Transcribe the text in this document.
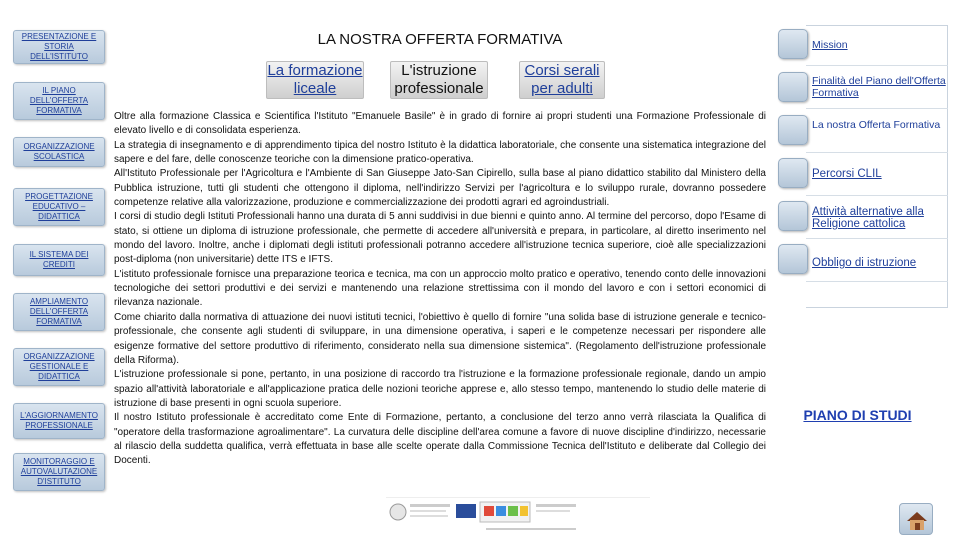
PRESENTAZIONE E STORIA DELL'ISTITUTO
IL PIANO DELL'OFFERTA FORMATIVA
ORGANIZZAZIONE SCOLASTICA
PROGETTAZIONE EDUCATIVO – DIDATTICA
IL SISTEMA DEI CREDITI
AMPLIAMENTO DELL'OFFERTA FORMATIVA
ORGANIZZAZIONE GESTIONALE E DIDATTICA
L'AGGIORNAMENTO PROFESSIONALE
MONITORAGGIO E AUTOVALUTAZIONE D'ISTITUTO
LA NOSTRA OFFERTA FORMATIVA
La formazione liceale
L'istruzione professionale
Corsi serali per adulti

Oltre alla formazione Classica e Scientifica l'Istituto "Emanuele Basile" è in grado di fornire ai propri studenti una Formazione Professionale di elevato livello e di consolidata esperienza.

La strategia di insegnamento e di apprendimento tipica del nostro Istituto è la didattica laboratoriale, che consente una sistematica integrazione del sapere e del fare, delle conoscenze teoriche con la dimensione pratico-operativa.

All'Istituto Professionale per l'Agricoltura e l'Ambiente di San Giuseppe Jato-San Cipirello, sulla base al piano didattico stabilito dal Ministero della Pubblica istruzione, tutti gli studenti che ottengono il diploma, nell'indirizzo Servizi per l'agricoltura e lo sviluppo rurale, dovranno possedere competenze relative alla valorizzazione, produzione e commercializzazione dei prodotti agrari ed agroindustriali.

I corsi di studio degli Istituti Professionali hanno una durata di 5 anni suddivisi in due bienni e quinto anno. Al termine del percorso, dopo l'Esame di stato, si ottiene un diploma di istruzione professionale, che permette di accedere all'università e prepara, in particolare, al diretto inserimento nel mondo del lavoro. Inoltre, anche i diplomati degli istituti professionali potranno accedere all'istruzione tecnica superiore, cioè alle specializzazioni post-diploma (non universitarie) dette ITS e IFTS.

L'istituto professionale fornisce una preparazione teorica e tecnica, ma con un approccio molto pratico e operativo, tenendo conto delle innovazioni tecnologiche dei settori produttivi e dei servizi e mantenendo una relazione strettissima con il mondo del lavoro e con i settori economici di rilevanza nazionale.

Come chiarito dalla normativa di attuazione dei nuovi istituti tecnici, l'obiettivo è quello di fornire "una solida base di istruzione generale e tecnico-professionale, che consente agli studenti di sviluppare, in una dimensione operativa, i saperi e le competenze necessari per rispondere alle esigenze formative del settore produttivo di riferimento, considerato nella sua dimensione sistemica". (Regolamento dell'istruzione professionale della Riforma).

L'istruzione professionale si pone, pertanto, in una posizione di raccordo tra l'istruzione e la formazione professionale regionale, dando un ampio spazio all'attività laboratoriale e all'applicazione pratica delle nozioni teoriche apprese e, allo stesso tempo, mantenendo lo studio delle materie di istruzione di base presenti in ogni scuola superiore.

Il nostro Istituto professionale è accreditato come Ente di Formazione, pertanto, a conclusione del terzo anno verrà rilasciata la Qualifica di "operatore della trasformazione agroalimentare". La curvatura delle discipline dell'area comune a favore di nuove discipline d'indirizzo, necessarie al rilascio della suddetta qualifica, verrà effettuata in base alle scelte operate dalla Commissione Tecnica dell'Istituto e deliberate dal Collegio dei Docenti.

Mission
Finalità del Piano dell'Offerta Formativa
La nostra Offerta Formativa
Percorsi CLIL
Attività alternative alla Religione cattolica
Obbligo di istruzione
PIANO DI STUDI
